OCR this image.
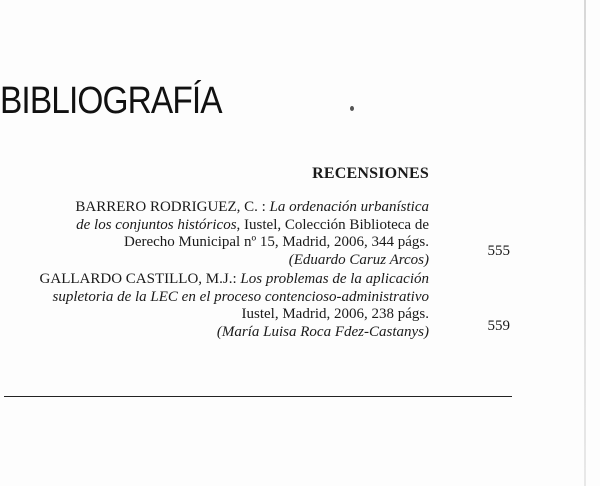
BIBLIOGRAFÍA
RECENSIONES
BARRERO RODRIGUEZ, C. : La ordenación urbanística
de los conjuntos históricos, Iustel, Colección Biblioteca de
Derecho Municipal nº 15, Madrid, 2006, 344 págs.
(Eduardo Caruz Arcos)
555
GALLARDO CASTILLO, M.J.: Los problemas de la aplicación
supletoria de la LEC en el proceso contencioso-administrativo
Iustel, Madrid, 2006, 238 págs.
(María Luisa Roca Fdez-Castanys)	559
